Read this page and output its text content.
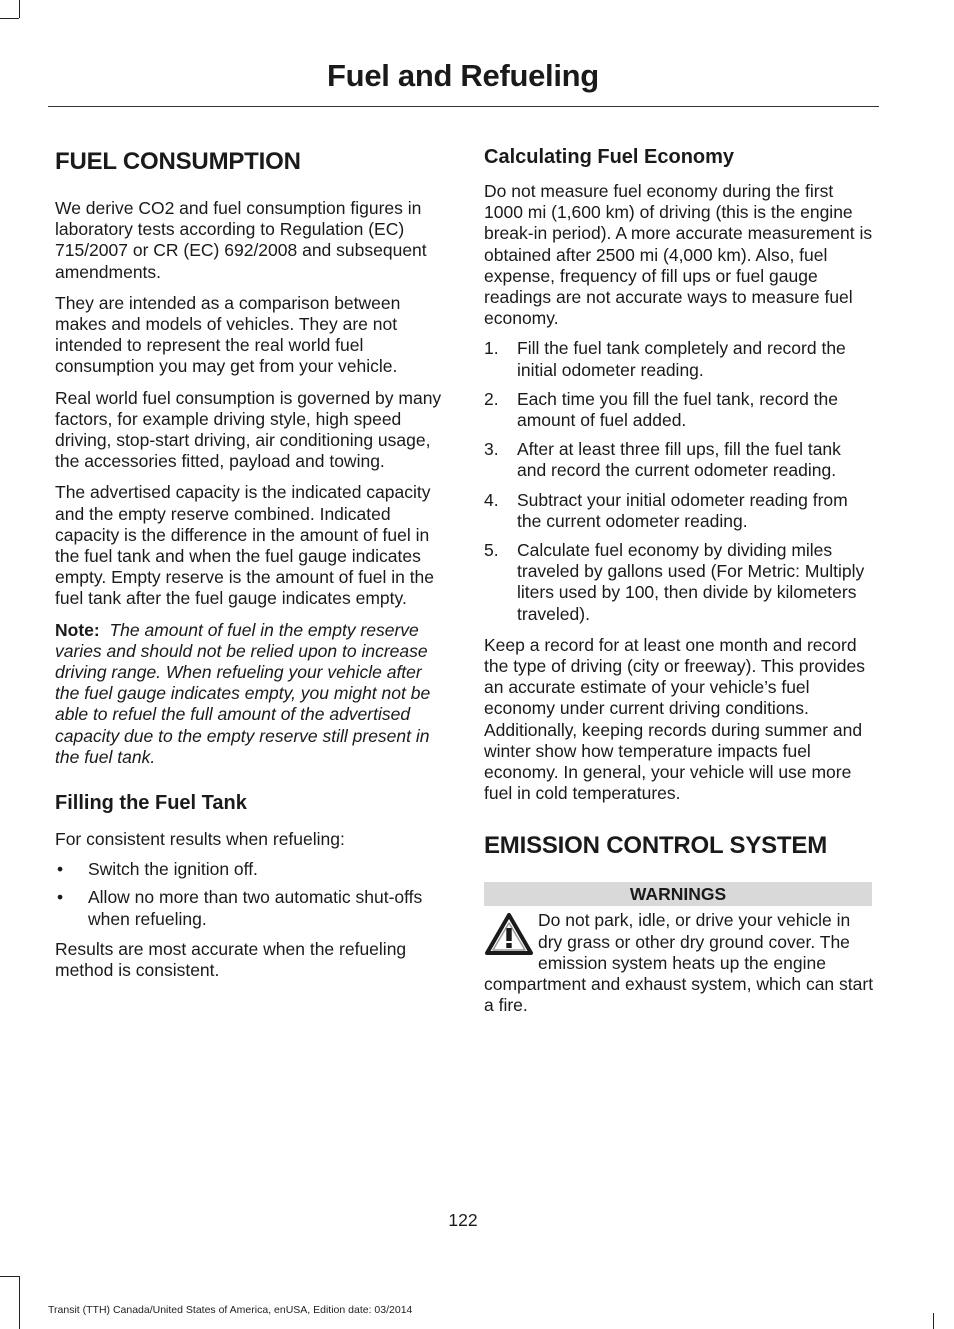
Fuel and Refueling
FUEL CONSUMPTION

We derive CO2 and fuel consumption figures in laboratory tests according to Regulation (EC) 715/2007 or CR (EC) 692/2008 and subsequent amendments.

They are intended as a comparison between makes and models of vehicles. They are not intended to represent the real world fuel consumption you may get from your vehicle.

Real world fuel consumption is governed by many factors, for example driving style, high speed driving, stop-start driving, air conditioning usage, the accessories fitted, payload and towing.

The advertised capacity is the indicated capacity and the empty reserve combined. Indicated capacity is the difference in the amount of fuel in the fuel tank and when the fuel gauge indicates empty. Empty reserve is the amount of fuel in the fuel tank after the fuel gauge indicates empty.

Note: The amount of fuel in the empty reserve varies and should not be relied upon to increase driving range. When refueling your vehicle after the fuel gauge indicates empty, you might not be able to refuel the full amount of the advertised capacity due to the empty reserve still present in the fuel tank.

Filling the Fuel Tank

For consistent results when refueling:

• Switch the ignition off.
• Allow no more than two automatic shut-offs when refueling.

Results are most accurate when the refueling method is consistent.

Calculating Fuel Economy

Do not measure fuel economy during the first 1000 mi (1,600 km) of driving (this is the engine break-in period). A more accurate measurement is obtained after 2500 mi (4,000 km). Also, fuel expense, frequency of fill ups or fuel gauge readings are not accurate ways to measure fuel economy.

1. Fill the fuel tank completely and record the initial odometer reading.
2. Each time you fill the fuel tank, record the amount of fuel added.
3. After at least three fill ups, fill the fuel tank and record the current odometer reading.
4. Subtract your initial odometer reading from the current odometer reading.
5. Calculate fuel economy by dividing miles traveled by gallons used (For Metric: Multiply liters used by 100, then divide by kilometers traveled).

Keep a record for at least one month and record the type of driving (city or freeway). This provides an accurate estimate of your vehicle’s fuel economy under current driving conditions. Additionally, keeping records during summer and winter show how temperature impacts fuel economy. In general, your vehicle will use more fuel in cold temperatures.

EMISSION CONTROL SYSTEM
WARNINGS

Do not park, idle, or drive your vehicle in dry grass or other dry ground cover. The emission system heats up the engine compartment and exhaust system, which can start a fire.

122
Transit (TTH) Canada/United States of America, enUSA, Edition date: 03/2014
